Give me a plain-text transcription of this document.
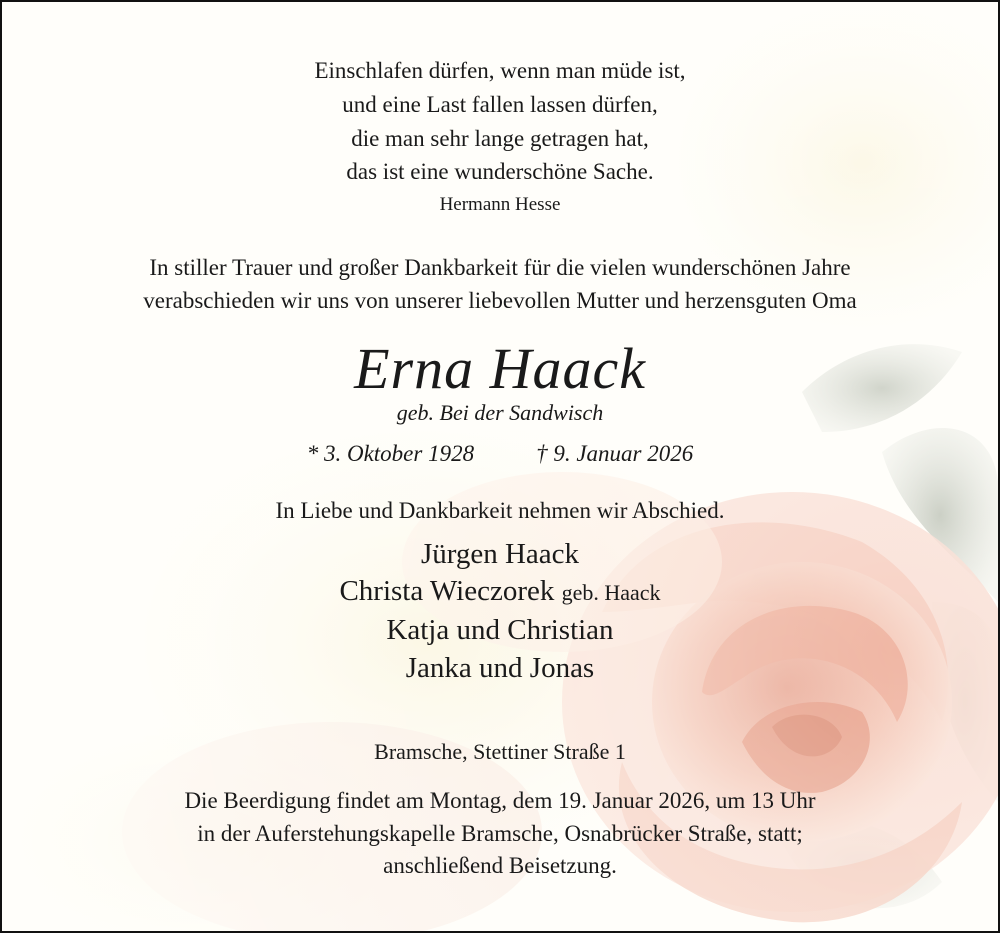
Einschlafen dürfen, wenn man müde ist,

und eine Last fallen lassen dürfen,

die man sehr lange getragen hat,

das ist eine wunderschöne Sache.

Hermann Hesse

In stiller Trauer und großer Dankbarkeit für die vielen wunderschönen Jahre

verabschieden wir uns von unserer liebevollen Mutter und herzensguten Oma

Erna Haack

geb. Bei der Sandwisch

* 3. Oktober 1928	† 9. Januar 2026

In Liebe und Dankbarkeit nehmen wir Abschied.

Jürgen Haack

Christa Wieczorek geb. Haack

Katja und Christian

Janka und Jonas

Bramsche, Stettiner Straße 1

Die Beerdigung findet am Montag, dem 19. Januar 2026, um 13 Uhr

in der Auferstehungskapelle Bramsche, Osnabrücker Straße, statt;

anschließend Beisetzung.
